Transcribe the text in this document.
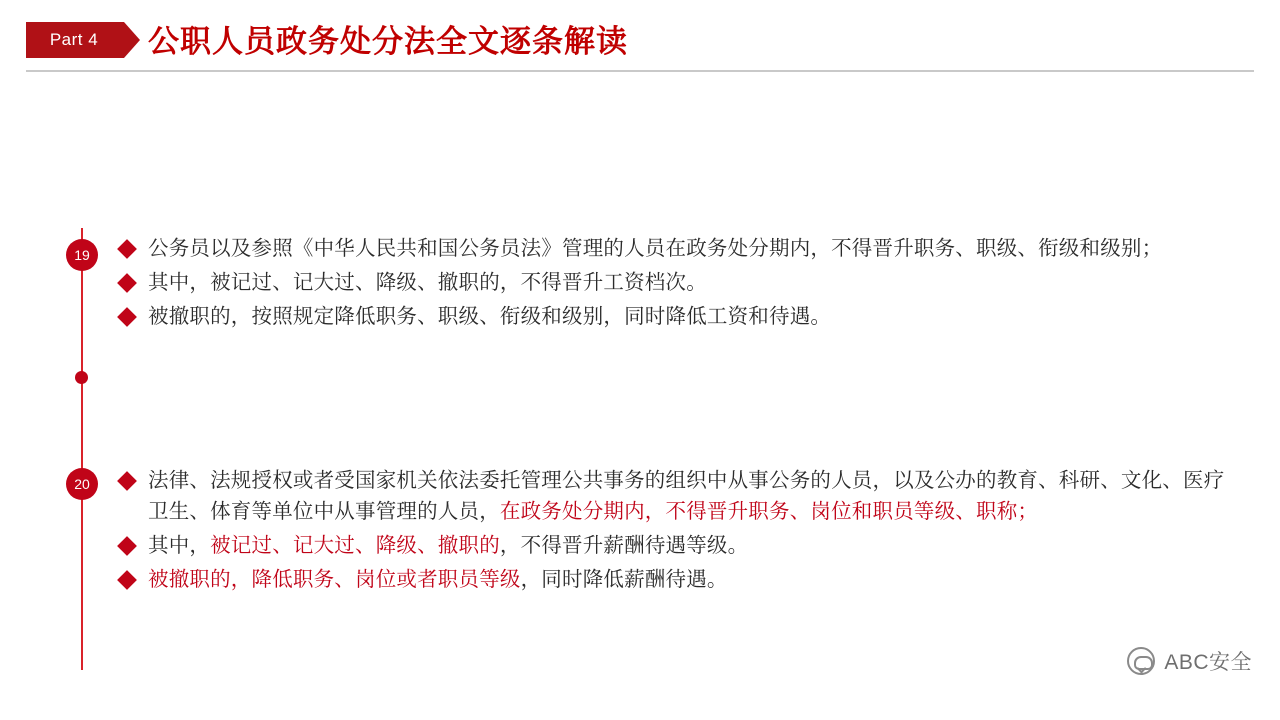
Part 4	公职人员政务处分法全文逐条解读
19
20
公务员以及参照《中华人民共和国公务员法》管理的人员在政务处分期内，不得晋升职务、职级、衔级和级别；
其中，被记过、记大过、降级、撤职的，不得晋升工资档次。
被撤职的，按照规定降低职务、职级、衔级和级别，同时降低工资和待遇。
法律、法规授权或者受国家机关依法委托管理公共事务的组织中从事公务的人员，以及公办的教育、科研、文化、医疗卫生、体育等单位中从事管理的人员，在政务处分期内，不得晋升职务、岗位和职员等级、职称；
其中，被记过、记大过、降级、撤职的，不得晋升薪酬待遇等级。
被撤职的，降低职务、岗位或者职员等级，同时降低薪酬待遇。
ABC安全
